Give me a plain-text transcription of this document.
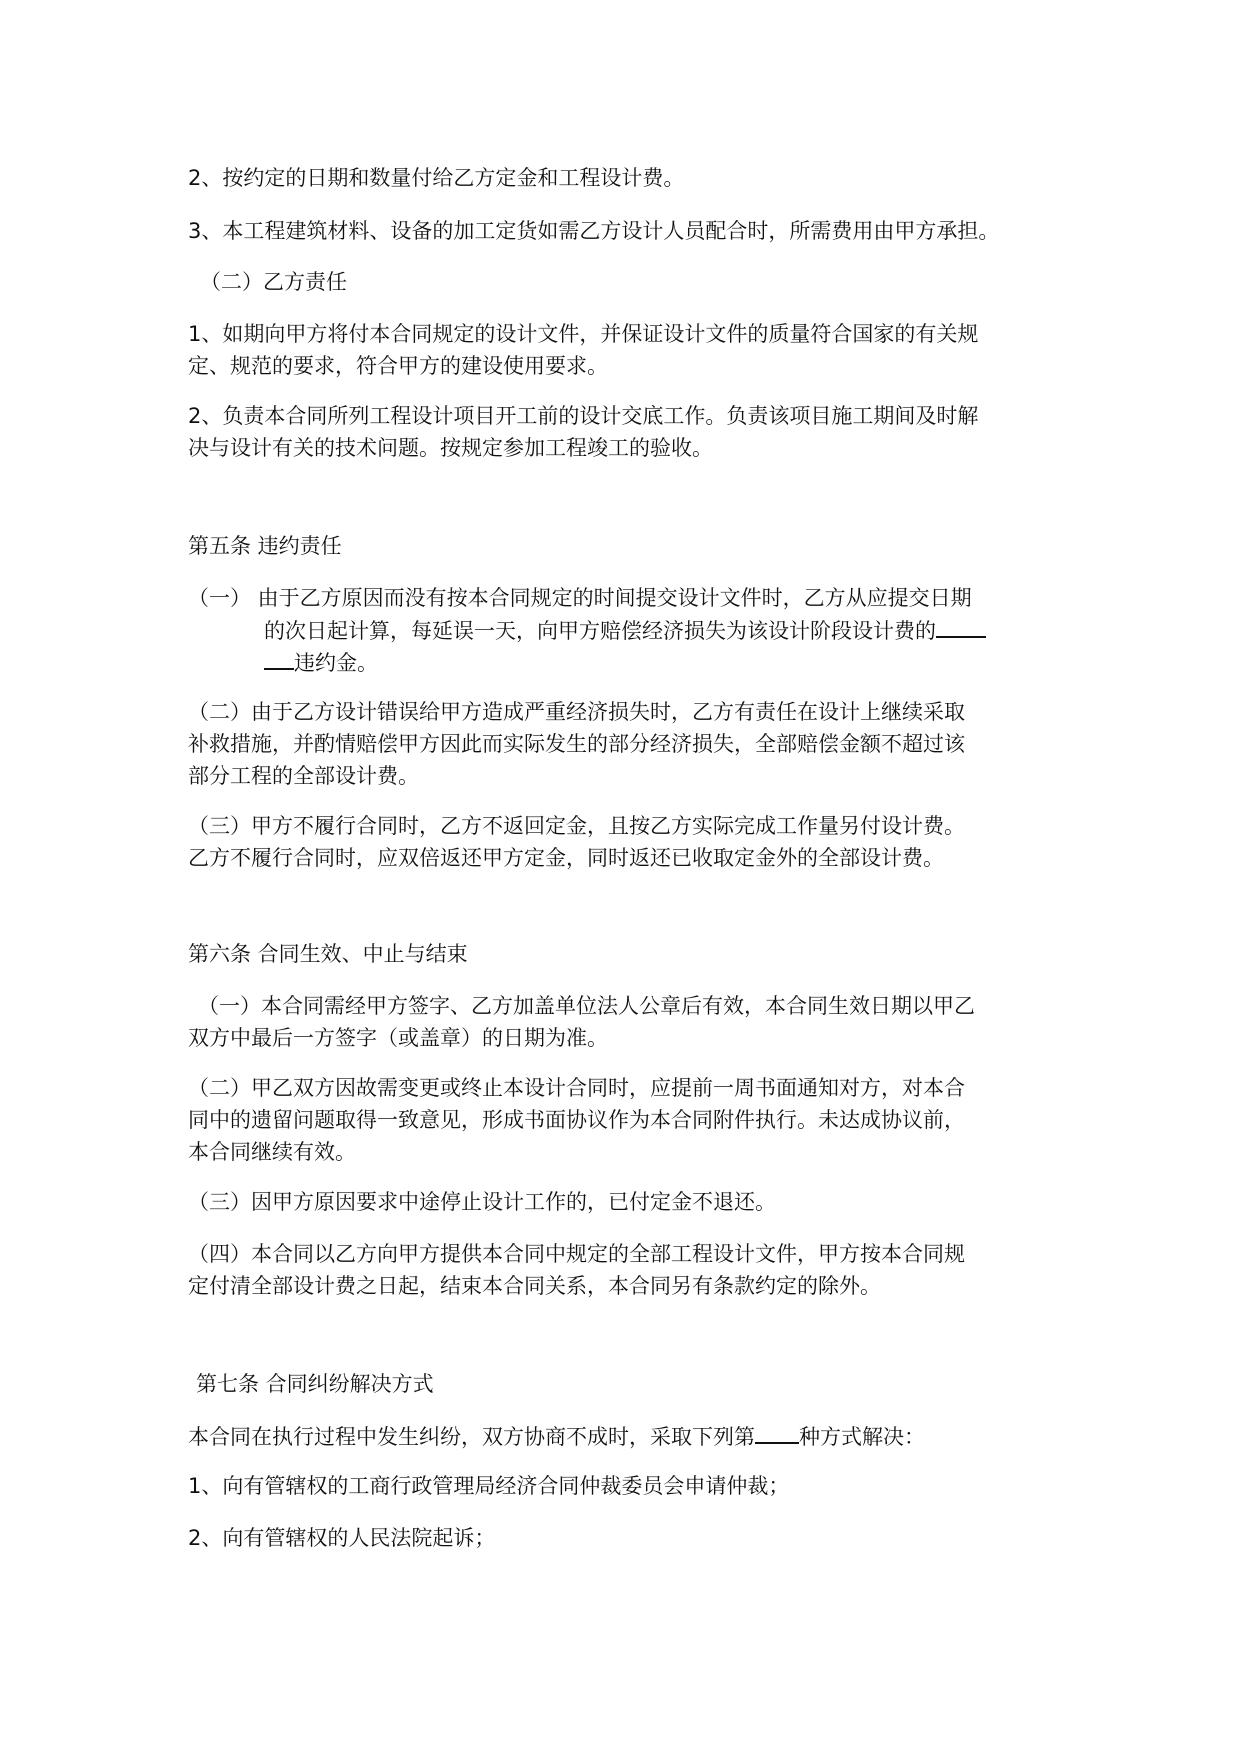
2、按约定的日期和数量付给乙方定金和工程设计费。

3、本工程建筑材料、设备的加工定货如需乙方设计人员配合时，所需费用由甲方承担。

（二）乙方责任

1、如期向甲方将付本合同规定的设计文件，并保证设计文件的质量符合国家的有关规

定、规范的要求，符合甲方的建设使用要求。

2、负责本合同所列工程设计项目开工前的设计交底工作。负责该项目施工期间及时解

决与设计有关的技术问题。按规定参加工程竣工的验收。

第五条 违约责任

（一） 由于乙方原因而没有按本合同规定的时间提交设计文件时，乙方从应提交日期

的次日起计算，每延误一天，向甲方赔偿经济损失为该设计阶段设计费的

违约金。

（二）由于乙方设计错误给甲方造成严重经济损失时，乙方有责任在设计上继续采取

补救措施，并酌情赔偿甲方因此而实际发生的部分经济损失，全部赔偿金额不超过该

部分工程的全部设计费。

（三）甲方不履行合同时，乙方不返回定金，且按乙方实际完成工作量另付设计费。

乙方不履行合同时，应双倍返还甲方定金，同时返还已收取定金外的全部设计费。

第六条 合同生效、中止与结束

（一）本合同需经甲方签字、乙方加盖单位法人公章后有效，本合同生效日期以甲乙

双方中最后一方签字（或盖章）的日期为准。

（二）甲乙双方因故需变更或终止本设计合同时，应提前一周书面通知对方，对本合

同中的遗留问题取得一致意见，形成书面协议作为本合同附件执行。未达成协议前，

本合同继续有效。

（三）因甲方原因要求中途停止设计工作的，已付定金不退还。

（四）本合同以乙方向甲方提供本合同中规定的全部工程设计文件，甲方按本合同规

定付清全部设计费之日起，结束本合同关系，本合同另有条款约定的除外。

第七条 合同纠纷解决方式

本合同在执行过程中发生纠纷，双方协商不成时，采取下列第 种方式解决：

1、向有管辖权的工商行政管理局经济合同仲裁委员会申请仲裁；

2、向有管辖权的人民法院起诉；
